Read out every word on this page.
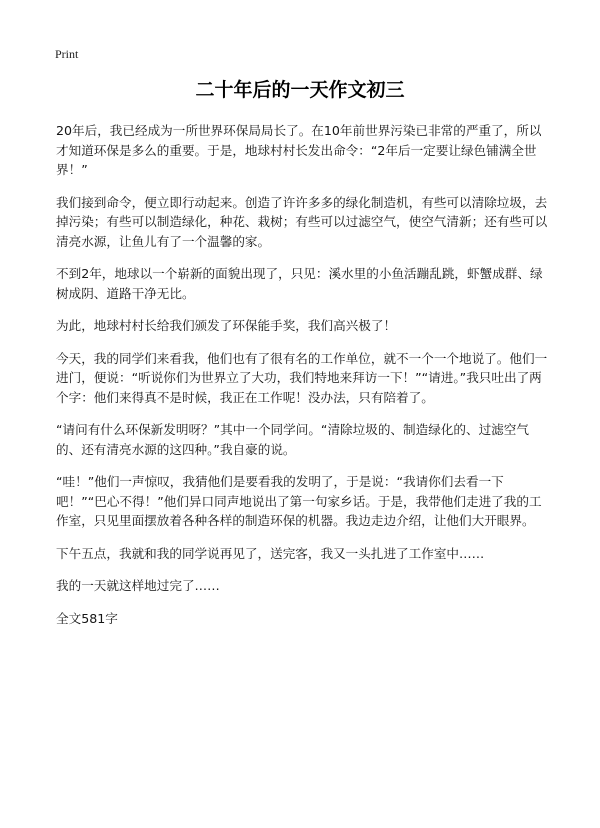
Print
二十年后的一天作文初三

20年后，我已经成为一所世界环保局局长了。在10年前世界污染已非常的严重了，所以才知道环保是多么的重要。于是，地球村村长发出命令：“2年后一定要让绿色铺满全世界！”

我们接到命令，便立即行动起来。创造了许许多多的绿化制造机，有些可以清除垃圾，去掉污染；有些可以制造绿化，种花、栽树；有些可以过滤空气，使空气清新；还有些可以清亮水源，让鱼儿有了一个温馨的家。

不到2年，地球以一个崭新的面貌出现了，只见：溪水里的小鱼活蹦乱跳，虾蟹成群、绿树成阴、道路干净无比。

为此，地球村村长给我们颁发了环保能手奖，我们高兴极了！

今天，我的同学们来看我，他们也有了很有名的工作单位，就不一个一个地说了。他们一进门，便说：“听说你们为世界立了大功，我们特地来拜访一下！”“请进。”我只吐出了两个字：他们来得真不是时候，我正在工作呢！没办法，只有陪着了。

“请问有什么环保新发明呀？”其中一个同学问。“清除垃圾的、制造绿化的、过滤空气的、还有清亮水源的这四种。”我自豪的说。

“哇！”他们一声惊叹，我猜他们是要看我的发明了，于是说：“我请你们去看一下吧！”“巴心不得！”他们异口同声地说出了第一句家乡话。于是，我带他们走进了我的工作室，只见里面摆放着各种各样的制造环保的机器。我边走边介绍，让他们大开眼界。

下午五点，我就和我的同学说再见了，送完客，我又一头扎进了工作室中……

我的一天就这样地过完了……

全文581字
